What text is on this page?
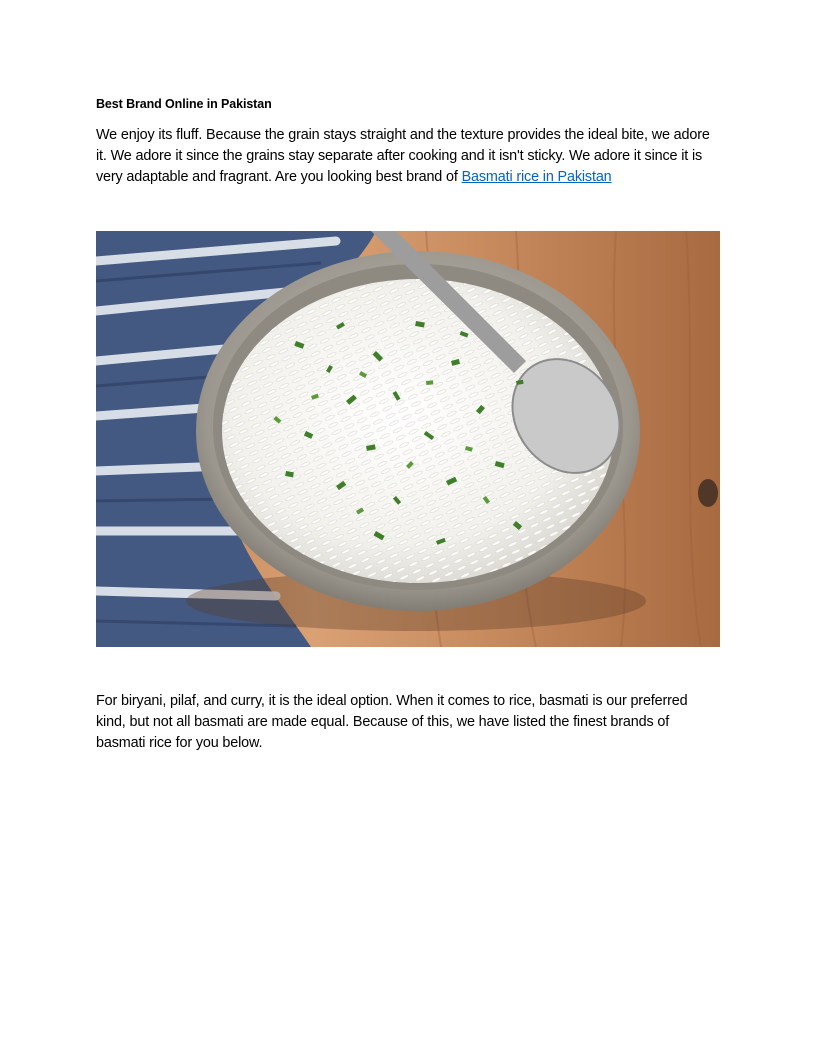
Best Brand Online in Pakistan

We enjoy its fluff. Because the grain stays straight and the texture provides the ideal bite, we adore it. We adore it since the grains stay separate after cooking and it isn't sticky. We adore it since it is very adaptable and fragrant. Are you looking best brand of Basmati rice in Pakistan

For biryani, pilaf, and curry, it is the ideal option. When it comes to rice, basmati is our preferred kind, but not all basmati are made equal. Because of this, we have listed the finest brands of basmati rice for you below.
